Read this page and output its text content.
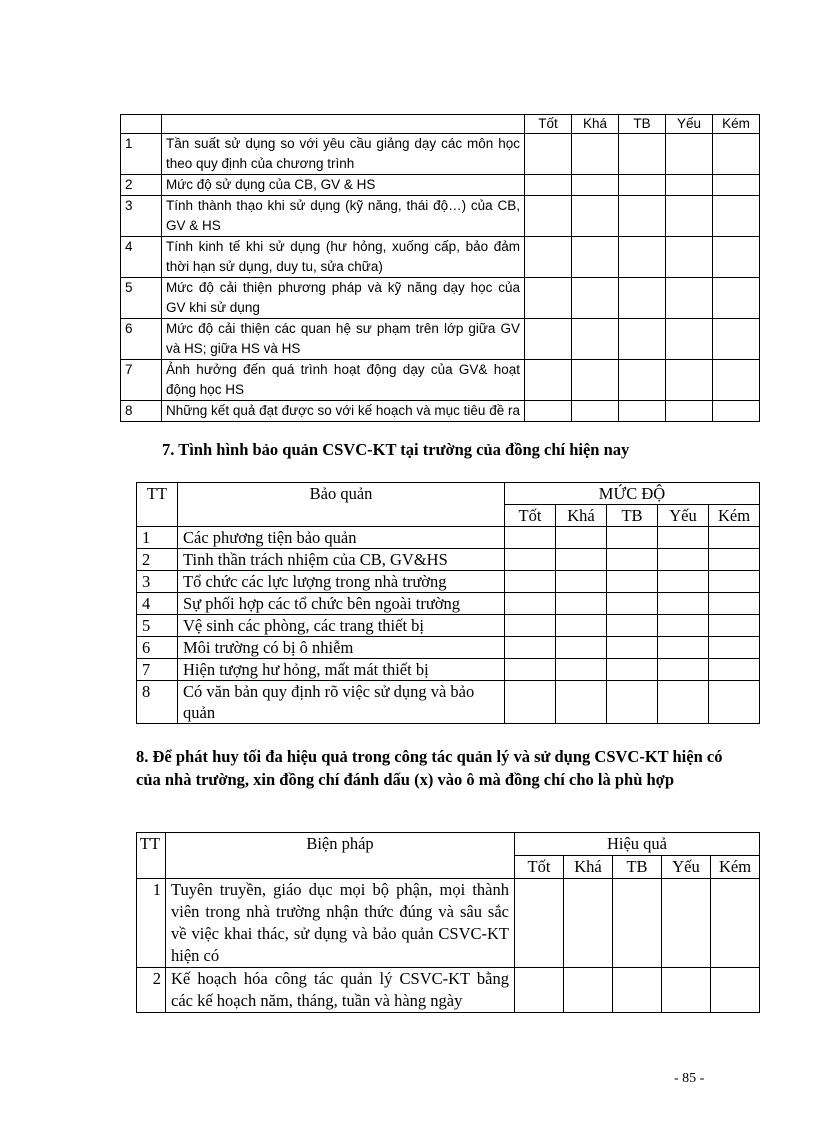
		Tốt	Khá	TB	Yếu	Kém
1	Tần suất sử dụng so với yêu cầu giảng dạy các môn học theo quy định của chương trình					
2	Mức độ sử dụng của CB, GV & HS					
3	Tính thành thạo khi sử dụng (kỹ năng, thái độ…) của CB, GV & HS					
4	Tính kinh tế khi sử dụng (hư hỏng, xuống cấp, bảo đảm thời hạn sử dụng, duy tu, sửa chữa)					
5	Mức độ cải thiện phương pháp và kỹ năng dạy học của GV khi sử dụng					
6	Mức độ cải thiện các quan hệ sư phạm trên lớp giữa GV và HS; giữa HS và HS					
7	Ảnh hưởng đến quá trình hoạt động dạy của GV& hoạt động học HS					
8	Những kết quả đạt được so với kế hoạch và mục tiêu đề ra					
7. Tình hình bảo quản CSVC-KT tại trường của đồng chí hiện nay
TT	Bảo quản	MỨC ĐỘ				
		Tốt	Khá	TB	Yếu	Kém
1	Các phương tiện bảo quản					
2	Tinh thần trách nhiệm của CB, GV&HS					
3	Tổ chức các lực lượng trong nhà trường					
4	Sự phối hợp các tổ chức bên ngoài trường					
5	Vệ sinh các phòng, các trang thiết bị					
6	Môi trường có bị ô nhiễm					
7	Hiện tượng hư hỏng, mất mát thiết bị					
8	Có văn bản quy định rõ việc sử dụng và bảo quản					
8. Để phát huy tối đa hiệu quả trong công tác quản lý và sử dụng CSVC-KT hiện có của nhà trường, xin đồng chí đánh dấu (x) vào ô mà đồng chí cho là phù hợp
TT	Biện pháp	Hiệu quả				
		Tốt	Khá	TB	Yếu	Kém
1	Tuyên truyền, giáo dục mọi bộ phận, mọi thành viên trong nhà trường nhận thức đúng và sâu sắc về việc khai thác, sử dụng và bảo quản CSVC-KT hiện có					
2	Kế hoạch hóa công tác quản lý CSVC-KT bằng các kế hoạch năm, tháng, tuần và hàng ngày					
- 85 -
